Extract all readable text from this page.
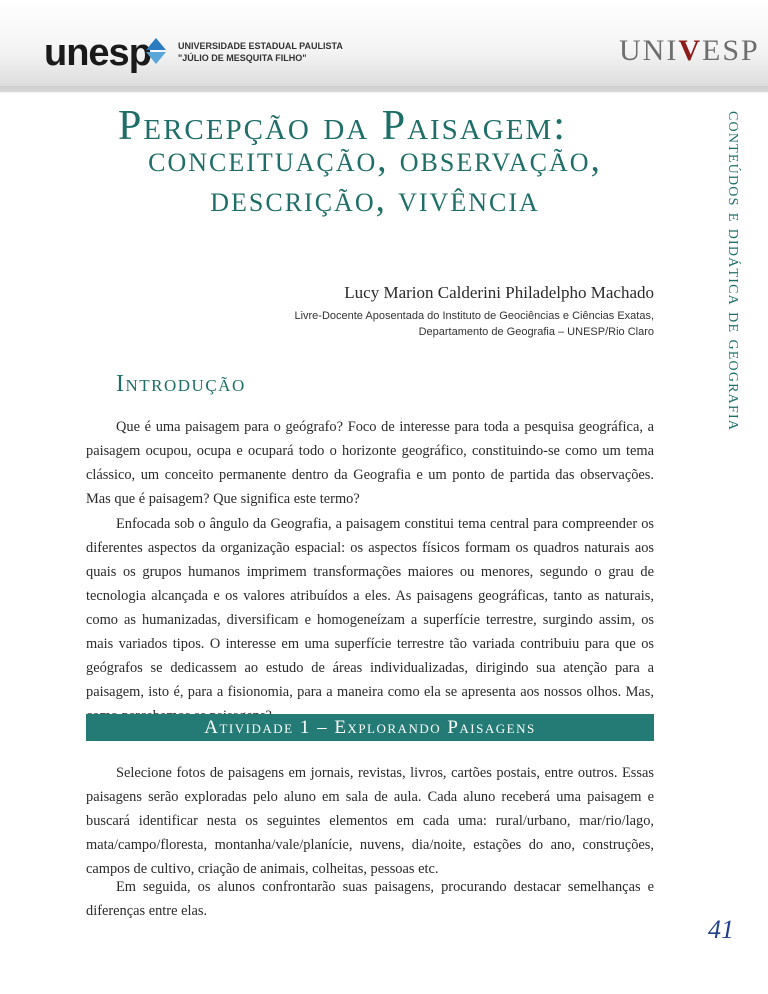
unesp	UNIVERSIDADE ESTADUAL PAULISTA
"JÚLIO DE MESQUITA FILHO"	UNIVESP
Percepção da Paisagem:
conceituação, observação,
descrição, vivência	conteúdos e didática de geografia
Lucy Marion Calderini Philadelpho Machado
Livre-Docente Aposentada do Instituto de Geociências e Ciências Exatas,
Departamento de Geografia – UNESP/Rio Claro
Introdução

Que é uma paisagem para o geógrafo? Foco de interesse para toda a pesquisa geográfica, a paisagem ocupou, ocupa e ocupará todo o horizonte geográfico, constituindo-se como um tema clássico, um conceito permanente dentro da Geografia e um ponto de partida das observações. Mas que é paisagem? Que significa este termo?

Enfocada sob o ângulo da Geografia, a paisagem constitui tema central para compreender os diferentes aspectos da organização espacial: os aspectos físicos formam os quadros naturais aos quais os grupos humanos imprimem transformações maiores ou menores, segundo o grau de tecnologia alcançada e os valores atribuídos a eles. As paisagens geográficas, tanto as naturais, como as humanizadas, diversificam e homogeneízam a superfície terrestre, surgindo assim, os mais variados tipos. O interesse em uma superfície terrestre tão variada contribuiu para que os geógrafos se dedicassem ao estudo de áreas individualizadas, dirigindo sua atenção para a paisagem, isto é, para a fisionomia, para a maneira como ela se apresenta aos nossos olhos. Mas,

Atividade 1 – Explorando Paisagens

Selecione fotos de paisagens em jornais, revistas, livros, cartões postais, entre outros. Essas paisagens serão exploradas pelo aluno em sala de aula. Cada aluno receberá uma paisagem e buscará identificar nesta os seguintes elementos em cada uma: rural/urbano, mar/rio/lago, mata/campo/floresta, montanha/vale/planície, nuvens, dia/noite, estações do ano, construções, campos de cultivo, criação de animais, colheitas, pessoas etc.

Em seguida, os alunos confrontarão suas paisagens, procurando destacar semelhanças e diferenças entre elas.

41
